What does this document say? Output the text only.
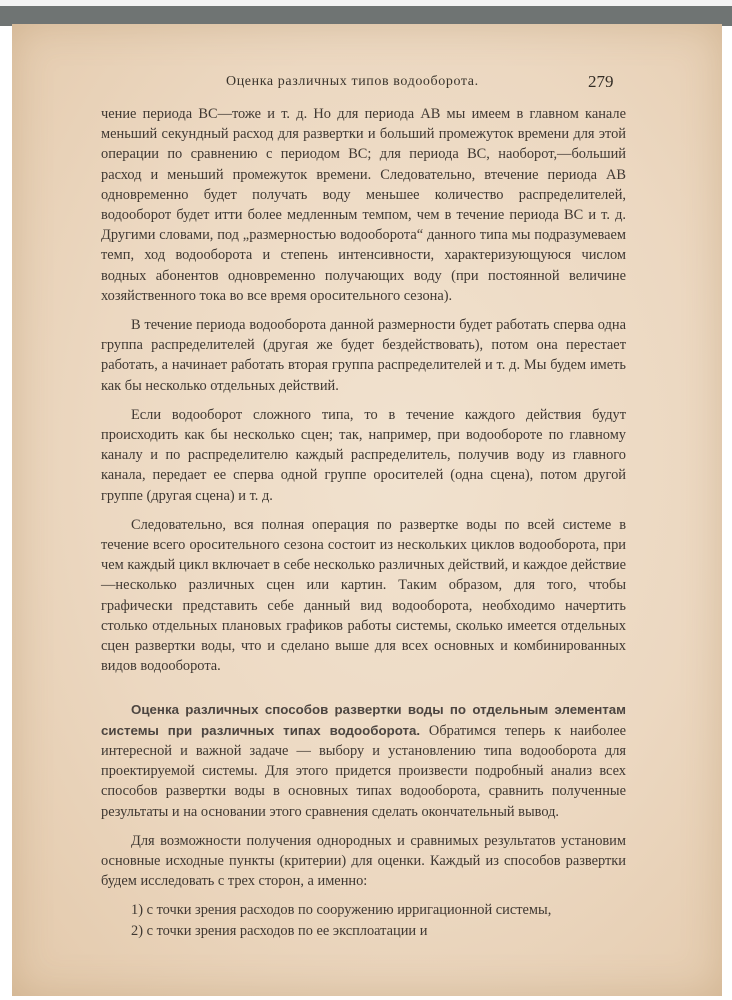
Оценка различных типов водооборота.	279

чение периода ВС—тоже и т. д. Но для периода АВ мы имеем в главном канале меньший секундный расход для развертки и больший промежуток времени для этой операции по сравнению с периодом ВС; для периода ВС, наоборот,—больший расход и меньший промежуток времени. Следовательно, втечение периода АВ одновременно будет получать воду меньшее количество распределителей, водооборот будет итти более медленным темпом, чем в течение периода ВС и т. д. Другими словами, под „размерностью водооборота“ данного типа мы подразумеваем темп, ход водооборота и степень интенсивности, характеризующуюся числом водных абонентов одновременно получающих воду (при постоянной величине хозяйственного тока во все время оросительного сезона).

В течение периода водооборота данной размерности будет работать сперва одна группа распределителей (другая же будет бездействовать), потом она перестает работать, а начинает работать вторая группа распределителей и т. д. Мы будем иметь как бы несколько отдельных действий.

Если водооборот сложного типа, то в течение каждого действия будут происходить как бы несколько сцен; так, например, при водообороте по главному каналу и по распределителю каждый распределитель, получив воду из главного канала, передает ее сперва одной группе оросителей (одна сцена), потом другой группе (другая сцена) и т. д.

Следовательно, вся полная операция по развертке воды по всей системе в течение всего оросительного сезона состоит из нескольких циклов водооборота, при чем каждый цикл включает в себе несколько различных действий, и каждое действие—несколько различных сцен или картин. Таким образом, для того, чтобы графически представить себе данный вид водооборота, необходимо начертить столько отдельных плановых графиков работы системы, сколько имеется отдельных сцен развертки воды, что и сделано выше для всех основных и комбинированных видов водооборота.

Оценка различных способов развертки воды по отдельным элементам системы при различных типах водооборота. Обратимся теперь к наиболее интересной и важной задаче — выбору и установлению типа водооборота для проектируемой системы. Для этого придется произвести подробный анализ всех способов развертки воды в основных типах водооборота, сравнить полученные результаты и на основании этого сравнения сделать окончательный вывод.

Для возможности получения однородных и сравнимых результатов установим основные исходные пункты (критерии) для оценки. Каждый из способов развертки будем исследовать с трех сторон, а именно:

1) с точки зрения расходов по сооружению ирригационной системы,

2) с точки зрения расходов по ее эксплоатации и
